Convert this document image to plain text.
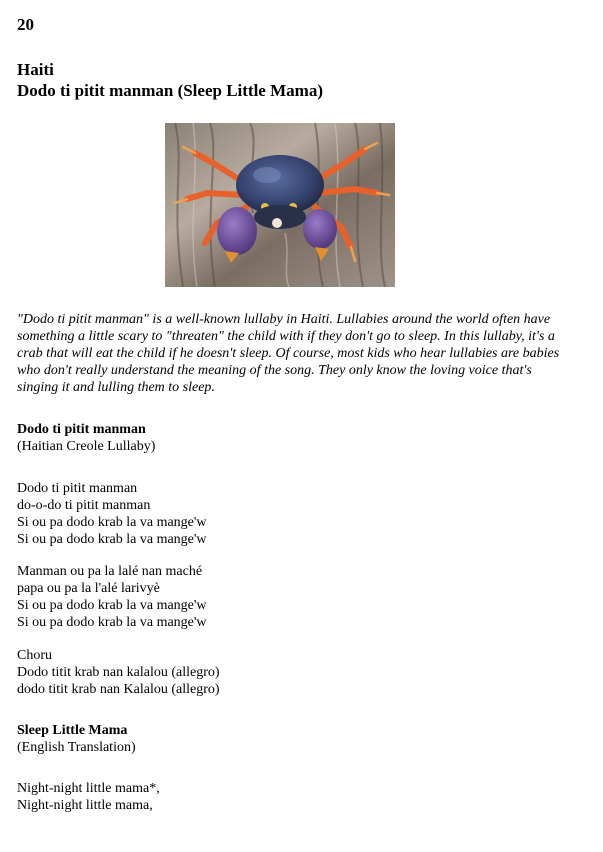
20
Haiti
Dodo ti pitit manman (Sleep Little Mama)

"Dodo ti pitit manman" is a well-known lullaby in Haiti. Lullabies around the world often have something a little scary to "threaten" the child with if they don't go to sleep. In this lullaby, it's a crab that will eat the child if he doesn't sleep. Of course, most kids who hear lullabies are babies who don't really understand the meaning of the song. They only know the loving voice that's singing it and lulling them to sleep.

Dodo ti pitit manman
(Haitian Creole Lullaby)
Dodo ti pitit manman
do-o-do ti pitit manman
Si ou pa dodo krab la va mange'w
Si ou pa dodo krab la va mange'w
Manman ou pa la lalé nan maché
papa ou pa la l'alé larivyè
Si ou pa dodo krab la va mange'w
Si ou pa dodo krab la va mange'w
Choru
Dodo titit krab nan kalalou (allegro)
dodo titit krab nan Kalalou (allegro)
Sleep Little Mama
(English Translation)
Night-night little mama*,
Night-night little mama,
